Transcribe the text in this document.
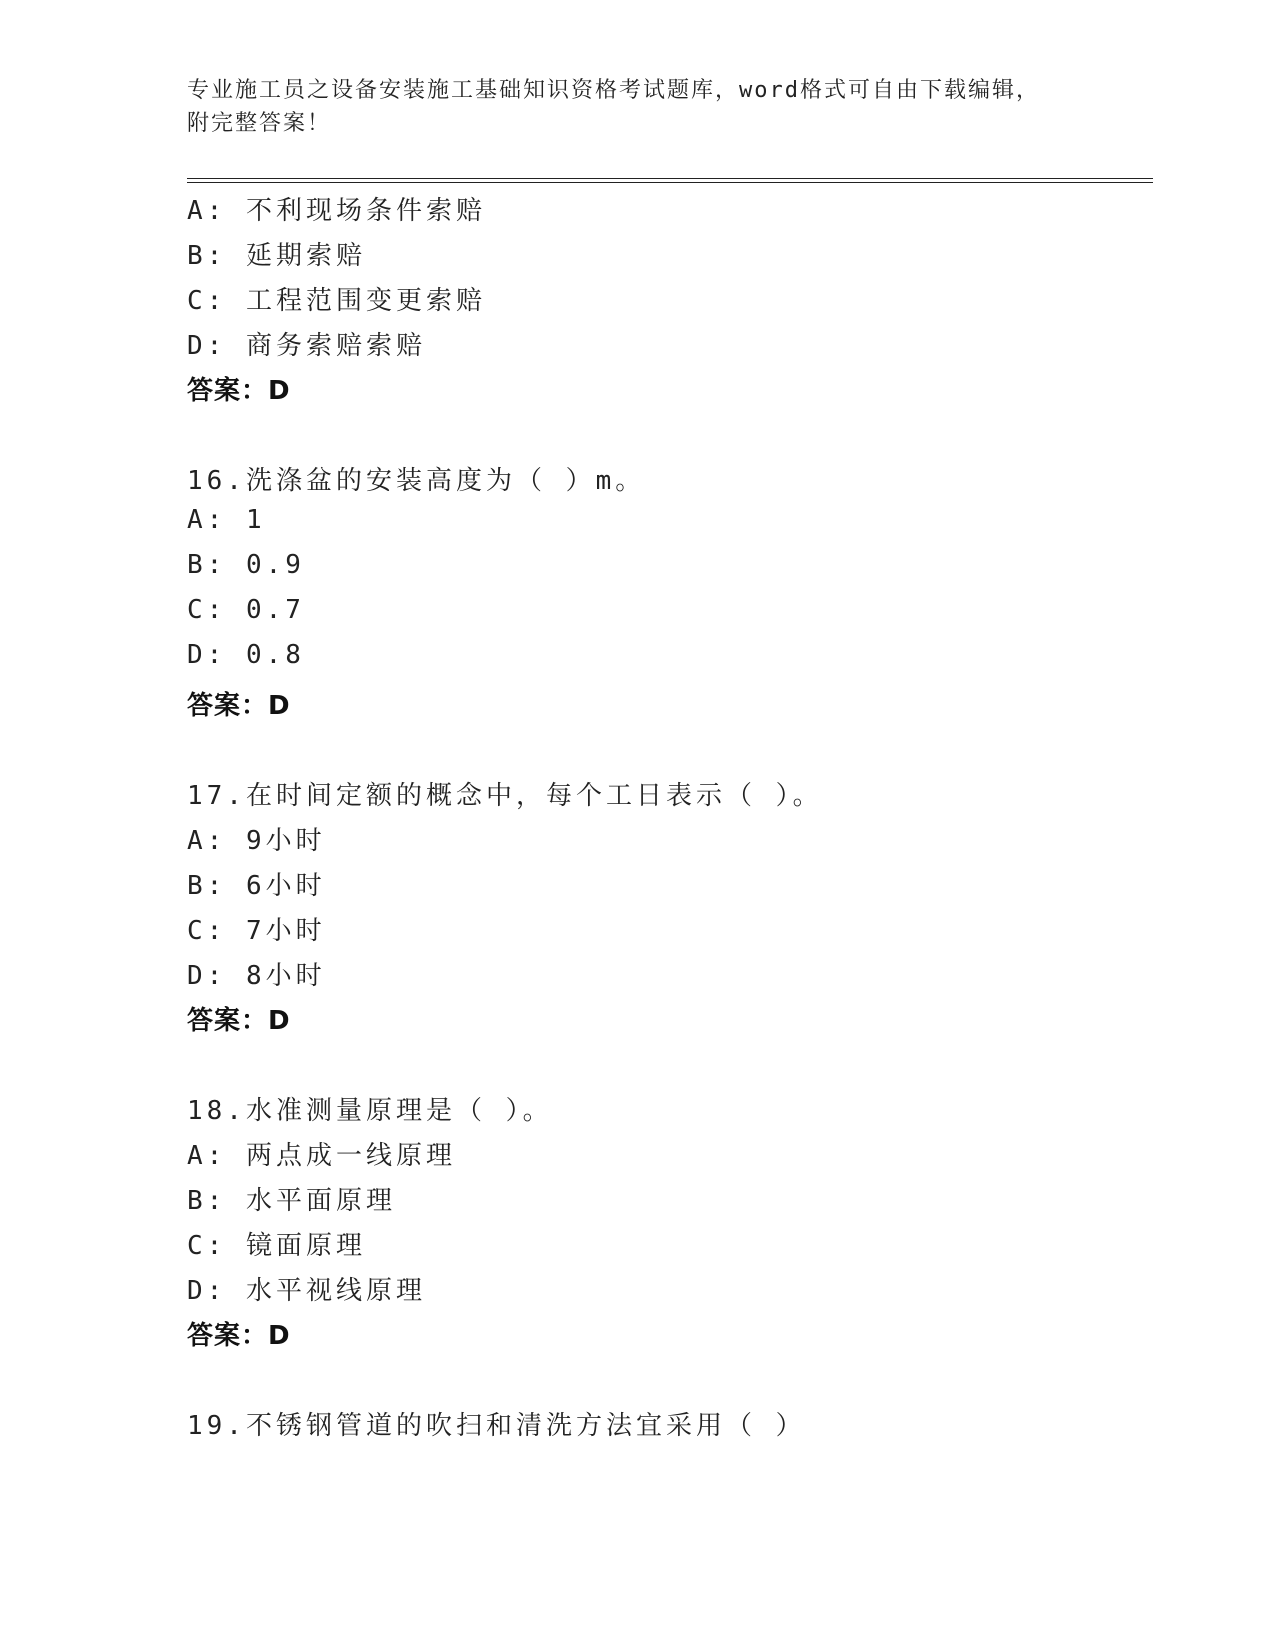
专业施工员之设备安装施工基础知识资格考试题库，word格式可自由下载编辑，
附完整答案！
A: 不利现场条件索赔
B: 延期索赔
C: 工程范围变更索赔
D: 商务索赔索赔
答案：D
16.洗涤盆的安装高度为（ ）m。
A: 1
B: 0.9
C: 0.7
D: 0.8
答案：D
17.在时间定额的概念中，每个工日表示（ ）。
A: 9小时
B: 6小时
C: 7小时
D: 8小时
答案：D
18.水准测量原理是（ ）。
A: 两点成一线原理
B: 水平面原理
C: 镜面原理
D: 水平视线原理
答案：D
19.不锈钢管道的吹扫和清洗方法宜采用（ ）
